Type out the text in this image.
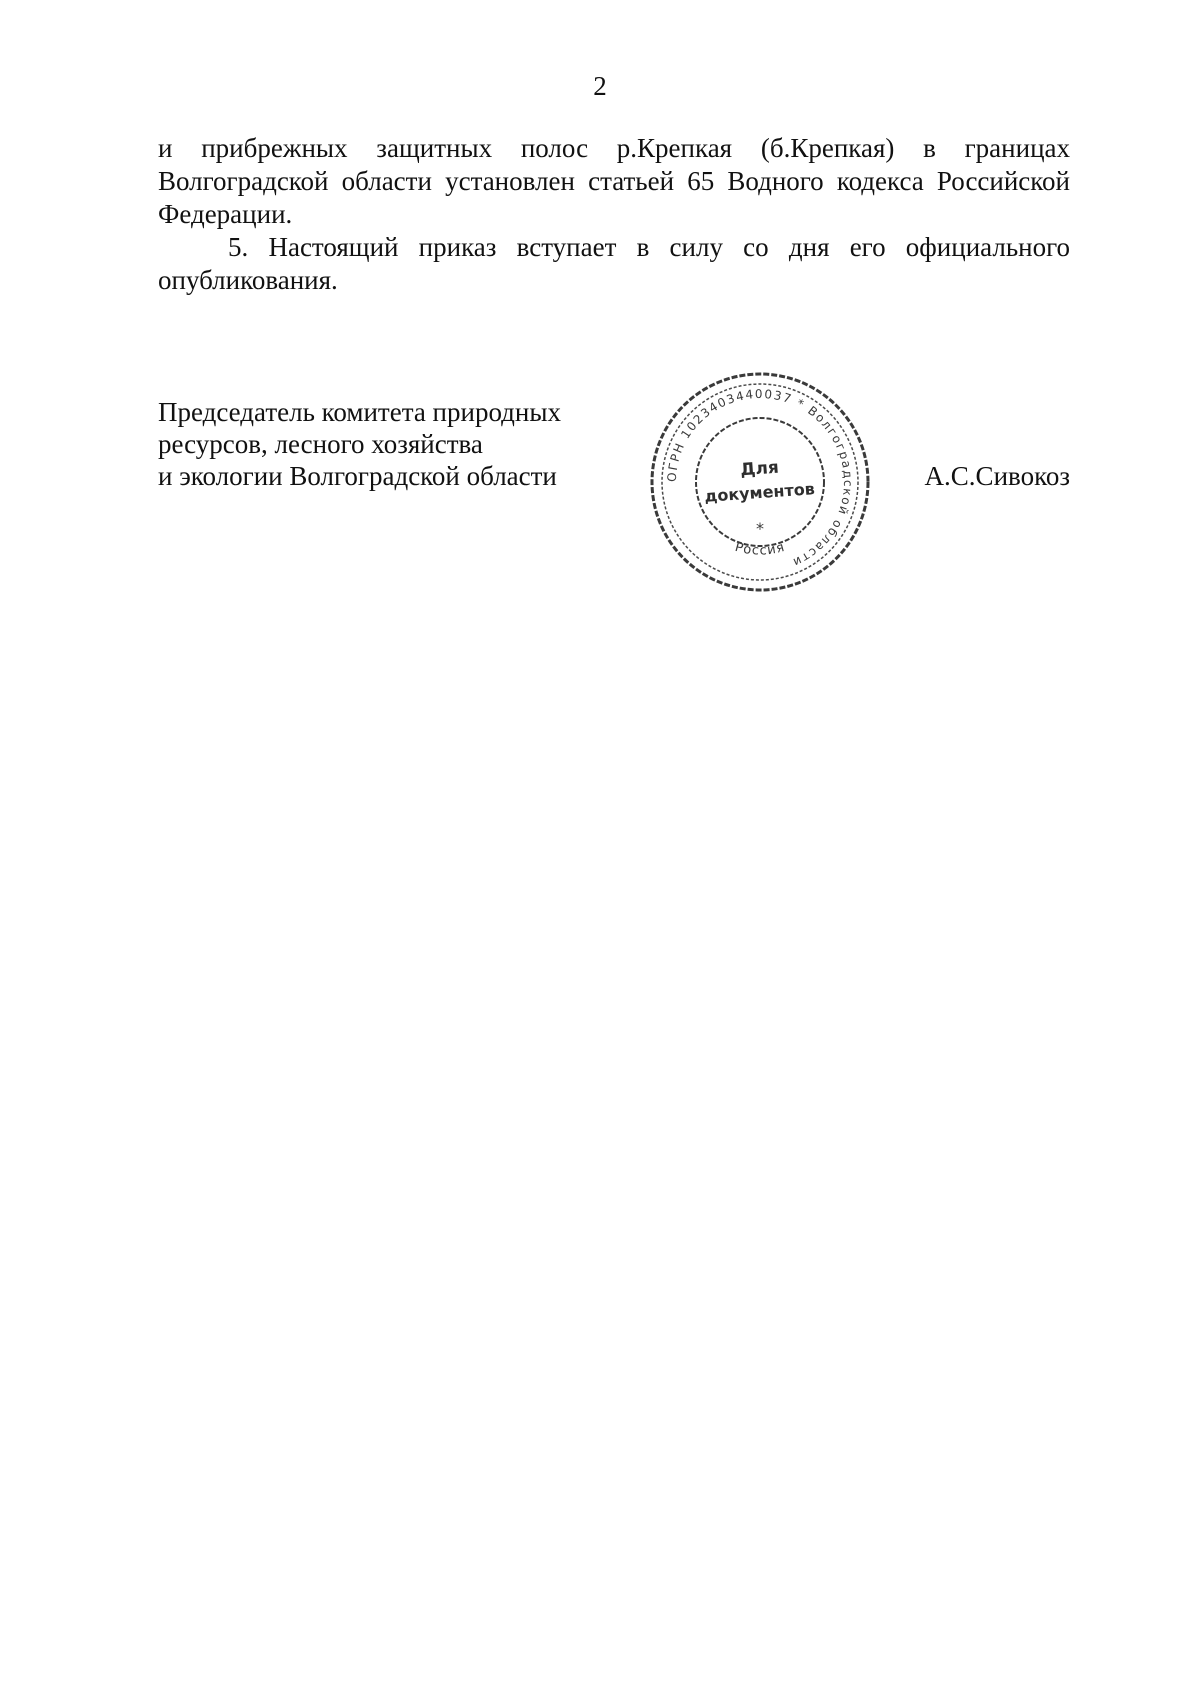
2

и прибрежных защитных полос р.Крепкая (б.Крепкая) в границах Волгоградской области установлен статьей 65 Водного кодекса Российской Федерации.

5. Настоящий приказ вступает в силу со дня его официального опубликования.

Председатель комитета природных
ресурсов, лесного хозяйства
и экологии Волгоградской области	ОГРН 1023403440037 * Волгоградской области
Для
документов
*
Россия
А.С.Сивокоз
